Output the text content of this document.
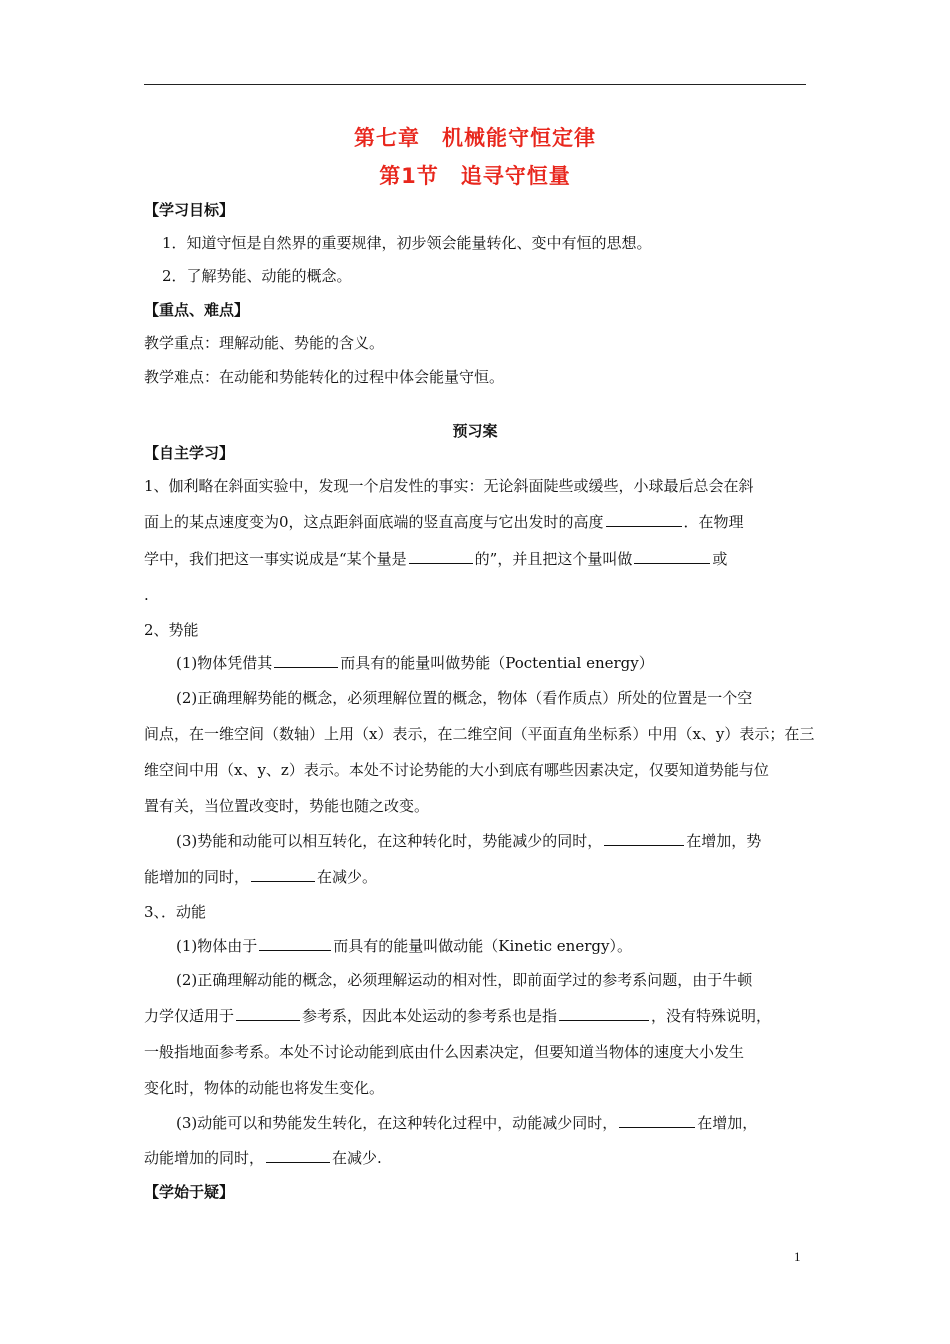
第七章　机械能守恒定律
第1节　追寻守恒量
【学习目标】
1．知道守恒是自然界的重要规律，初步领会能量转化、变中有恒的思想。
2．了解势能、动能的概念。
【重点、难点】
教学重点：理解动能、势能的含义。
教学难点：在动能和势能转化的过程中体会能量守恒。
预习案
【自主学习】
1、伽利略在斜面实验中，发现一个启发性的事实：无论斜面陡些或缓些，小球最后总会在斜
面上的某点速度变为0，这点距斜面底端的竖直高度与它出发时的高度	．在物理
学中，我们把这一事实说成是“某个量是	的”，并且把这个量叫做	或
.
2、势能
(1)物体凭借其	而具有的能量叫做势能（Poctential energy）
(2)正确理解势能的概念，必须理解位置的概念，物体（看作质点）所处的位置是一个空
间点，在一维空间（数轴）上用（x）表示，在二维空间（平面直角坐标系）中用（x、y）表示；在三
维空间中用（x、y、z）表示。本处不讨论势能的大小到底有哪些因素决定，仅要知道势能与位
置有关，当位置改变时，势能也随之改变。
(3)势能和动能可以相互转化，在这种转化时，势能减少的同时，	在增加，势
能增加的同时，	在减少。
3、．动能
(1)物体由于	而具有的能量叫做动能（Kinetic energy）。
(2)正确理解动能的概念，必须理解运动的相对性，即前面学过的参考系问题，由于牛顿
力学仅适用于	参考系，因此本处运动的参考系也是指	，没有特殊说明，
一般指地面参考系。本处不讨论动能到底由什么因素决定，但要知道当物体的速度大小发生
变化时，物体的动能也将发生变化。
(3)动能可以和势能发生转化，在这种转化过程中，动能减少同时，	在增加，
动能增加的同时，	在减少.
【学始于疑】
1
